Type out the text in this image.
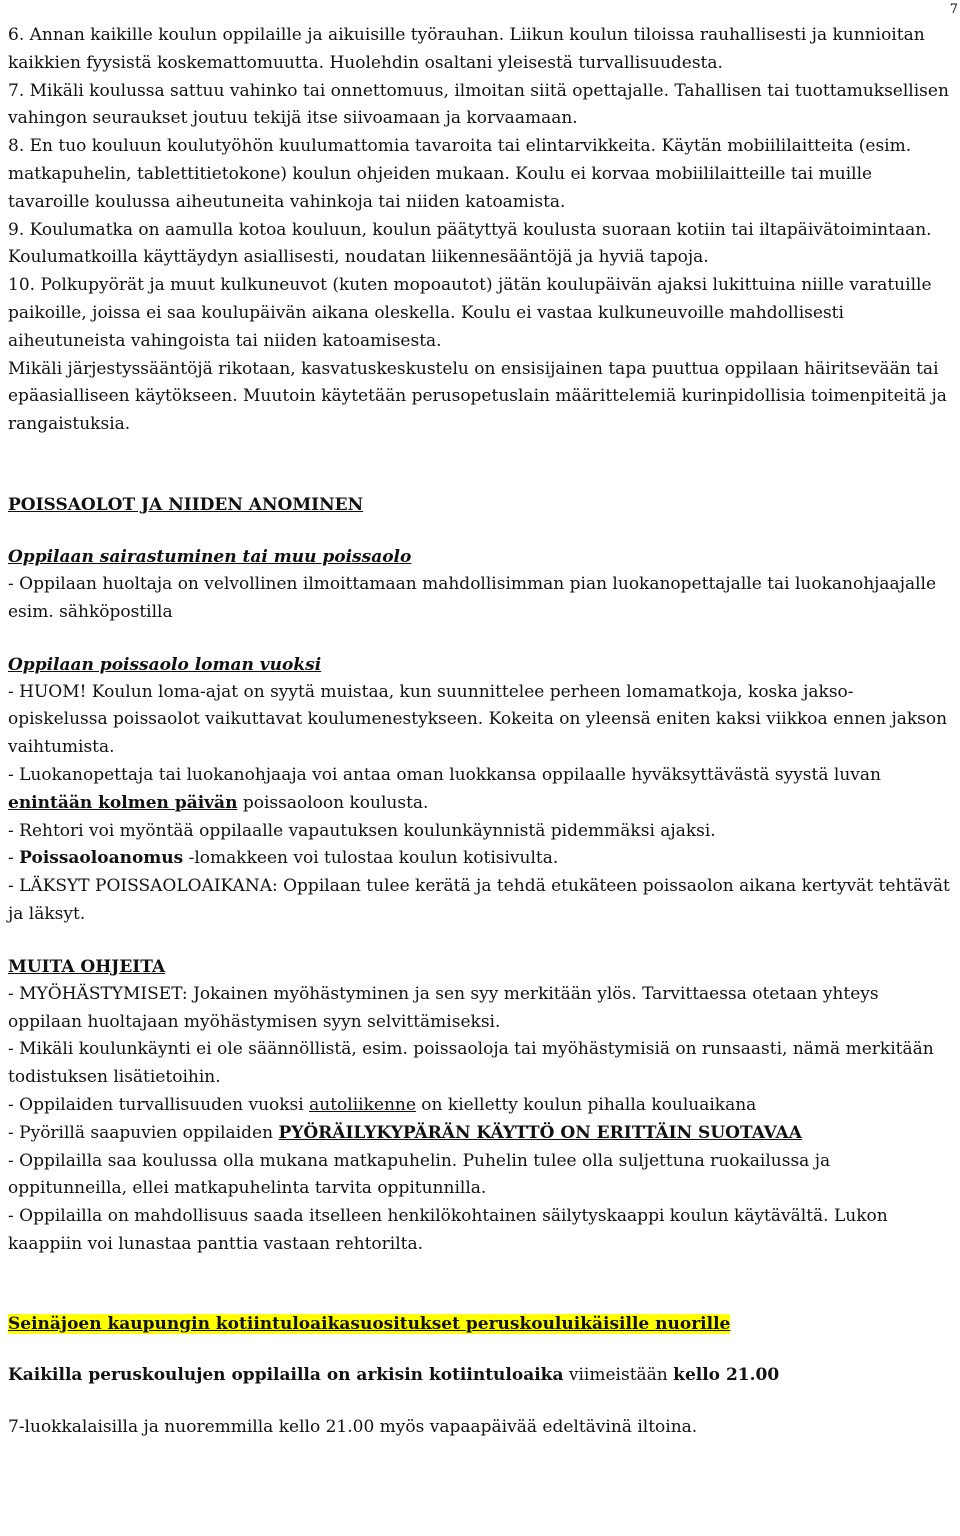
7

6. Annan kaikille koulun oppilaille ja aikuisille työrauhan. Liikun koulun tiloissa rauhallisesti ja kunnioitan kaikkien fyysistä koskemattomuutta. Huolehdin osaltani yleisestä turvallisuudesta.

7. Mikäli koulussa sattuu vahinko tai onnettomuus, ilmoitan siitä opettajalle. Tahallisen tai tuottamuksellisen vahingon seuraukset joutuu tekijä itse siivoamaan ja korvaamaan.

8. En tuo kouluun koulutyöhön kuulumattomia tavaroita tai elintarvikkeita. Käytän mobiililaitteita (esim. matkapuhelin, tablettitietokone) koulun ohjeiden mukaan. Koulu ei korvaa mobiililaitteille tai muille tavaroille koulussa aiheutuneita vahinkoja tai niiden katoamista.

9. Koulumatka on aamulla kotoa kouluun, koulun päätyttyä koulusta suoraan kotiin tai iltapäivätoimintaan. Koulumatkoilla käyttäydyn asiallisesti, noudatan liikennesääntöjä ja hyviä tapoja.

10. Polkupyörät ja muut kulkuneuvot (kuten mopoautot) jätän koulupäivän ajaksi lukittuina niille varatuille paikoille, joissa ei saa koulupäivän aikana oleskella. Koulu ei vastaa kulkuneuvoille mahdollisesti aiheutuneista vahingoista tai niiden katoamisesta.

Mikäli järjestyssääntöjä rikotaan, kasvatuskeskustelu on ensisijainen tapa puuttua oppilaan häiritsevään tai epäasialliseen käytökseen. Muutoin käytetään perusopetuslain määrittelemiä kurinpidollisia toimenpiteitä ja rangaistuksia.

POISSAOLOT JA NIIDEN ANOMINEN

Oppilaan sairastuminen tai muu poissaolo

- Oppilaan huoltaja on velvollinen ilmoittamaan mahdollisimman pian luokanopettajalle tai luokanohjaajalle esim. sähköpostilla

Oppilaan poissaolo loman vuoksi

- HUOM! Koulun loma-ajat on syytä muistaa, kun suunnittelee perheen lomamatkoja, koska jakso-opiskelussa poissaolot vaikuttavat koulumenestykseen. Kokeita on yleensä eniten kaksi viikkoa ennen jakson vaihtumista.

- Luokanopettaja tai luokanohjaaja voi antaa oman luokkansa oppilaalle hyväksyttävästä syystä luvan enintään kolmen päivän poissaoloon koulusta.

- Rehtori voi myöntää oppilaalle vapautuksen koulunkäynnistä pidemmäksi ajaksi.

- Poissaoloanomus -lomakkeen voi tulostaa koulun kotisivulta.

- LÄKSYT POISSAOLOAIKANA: Oppilaan tulee kerätä ja tehdä etukäteen poissaolon aikana kertyvät tehtävät ja läksyt.

MUITA OHJEITA

- MYÖHÄSTYMISET: Jokainen myöhästyminen ja sen syy merkitään ylös. Tarvittaessa otetaan yhteys oppilaan huoltajaan myöhästymisen syyn selvittämiseksi.

- Mikäli koulunkäynti ei ole säännöllistä, esim. poissaoloja tai myöhästymisiä on runsaasti, nämä merkitään todistuksen lisätietoihin.

- Oppilaiden turvallisuuden vuoksi autoliikenne on kielletty koulun pihalla kouluaikana

- Pyörillä saapuvien oppilaiden PYÖRÄILYKYPÄRÄN KÄYTTÖ ON ERITTÄIN SUOTAVAA

- Oppilailla saa koulussa olla mukana matkapuhelin. Puhelin tulee olla suljettuna ruokailussa ja oppitunneilla, ellei matkapuhelinta tarvita oppitunnilla.

- Oppilailla on mahdollisuus saada itselleen henkilökohtainen säilytyskaappi koulun käytävältä. Lukon kaappiin voi lunastaa panttia vastaan rehtorilta.

Seinäjoen kaupungin kotiintuloaikasuositukset peruskouluikäisille nuorille

Kaikilla peruskoulujen oppilailla on arkisin kotiintuloaika viimeistään kello 21.00

7-luokkalaisilla ja nuoremmilla kello 21.00 myös vapaapäivää edeltävinä iltoina.
